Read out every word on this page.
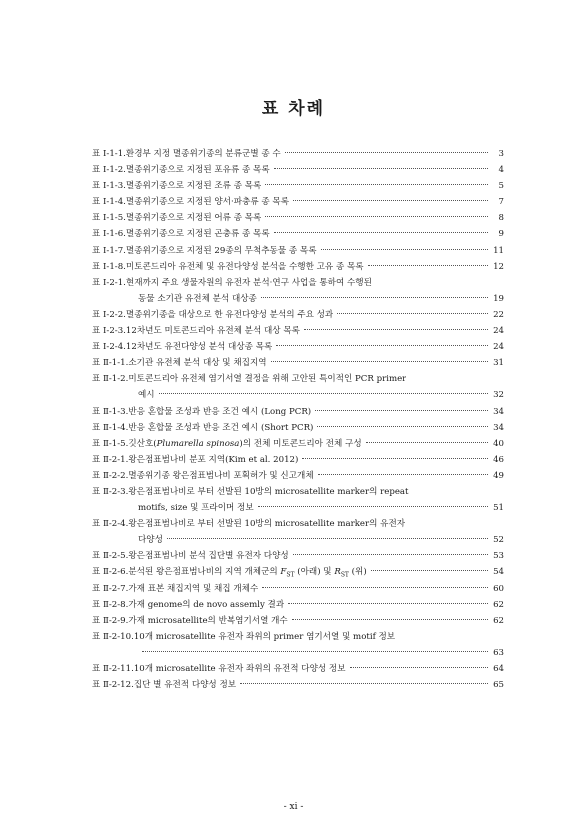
표 차례
표 Ⅰ-1-1. 환경부 지정 멸종위기종의 분류군별 종 수	3
표 Ⅰ-1-2. 멸종위기종으로 지정된 포유류 종 목록	4
표 Ⅰ-1-3. 멸종위기종으로 지정된 조류 종 목록	5
표 Ⅰ-1-4. 멸종위기종으로 지정된 양서·파충류 종 목록	7
표 Ⅰ-1-5. 멸종위기종으로 지정된 어류 종 목록	8
표 Ⅰ-1-6. 멸종위기종으로 지정된 곤충류 종 목록	9
표 Ⅰ-1-7. 멸종위기종으로 지정된 29종의 무척추동물 종 목록	11
표 Ⅰ-1-8. 미토콘드리아 유전체 및 유전다양성 분석을 수행한 고유 종 목록	12
표 Ⅰ-2-1. 현재까지 주요 생물자원의 유전자 분석·연구 사업을 통하여 수행된
동물 소기관 유전체 분석 대상종	19
표 Ⅰ-2-2. 멸종위기종을 대상으로 한 유전다양성 분석의 주요 성과	22
표 Ⅰ-2-3. 12차년도 미토콘드리아 유전체 분석 대상 목록	24
표 Ⅰ-2-4. 12차년도 유전다양성 분석 대상종 목록	24
표 Ⅱ-1-1. 소기관 유전체 분석 대상 및 채집지역	31
표 Ⅱ-1-2. 미토콘드리아 유전체 염기서열 결정을 위해 고안된 특이적인 PCR primer
예시	32
표 Ⅱ-1-3. 반응 혼합물 조성과 반응 조건 예시 (Long PCR)	34
표 Ⅱ-1-4. 반응 혼합물 조성과 반응 조건 예시 (Short PCR)	34
표 Ⅱ-1-5. 깃산호(Plumarella spinosa)의 전체 미토콘드리아 전체 구성	40
표 Ⅱ-2-1. 왕은점표범나비 분포 지역(Kim et al. 2012)	46
표 Ⅱ-2-2. 멸종위기종 왕은점표범나비 포획허가 및 신고개체	49
표 Ⅱ-2-3. 왕은점표범나비로 부터 선발된 10방의 microsatellite marker의 repeat
motifs, size 및 프라이머 정보	51
표 Ⅱ-2-4. 왕은점표범나비로 부터 선발된 10방의 microsatellite marker의 유전자
다양성	52
표 Ⅱ-2-5. 왕은점표범나비 분석 집단별 유전자 다양성	53
표 Ⅱ-2-6. 분석된 왕은점표범나비의 지역 개체군의 $F_{ST}$ (아래) 및 $R_{ST}$ (위)	54
표 Ⅱ-2-7. 가재 표본 채집지역 및 채집 개체수	60
표 Ⅱ-2-8. 가재 genome의 de novo assemly 결과	62
표 Ⅱ-2-9. 가재 microsatellite의 반복염기서열 개수	62
표 Ⅱ-2-10. 10개 microsatellite 유전자 좌위의 primer 염기서열 및 motif 정보
63
표 Ⅱ-2-11. 10개 microsatellite 유전자 좌위의 유전적 다양성 정보	64
표 Ⅱ-2-12. 집단 별 유전적 다양성 정보	65
- xi -
